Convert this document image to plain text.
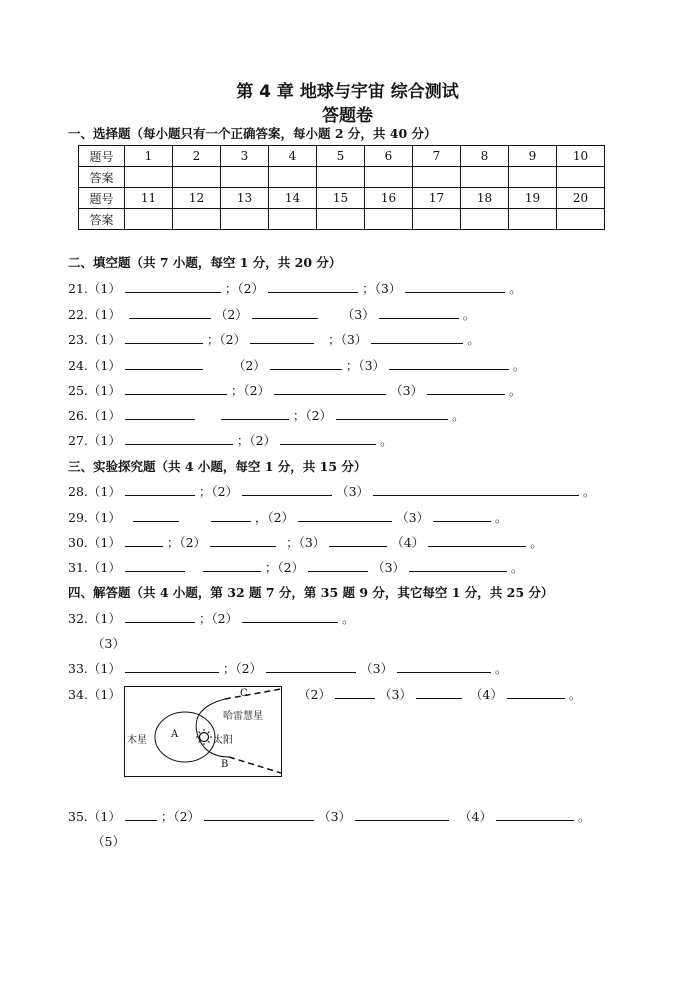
第 4 章 地球与宇宙 综合测试
答题卷
一、选择题（每小题只有一个正确答案，每小题 2 分，共 40 分）
题号	1	2	3	4	5	6	7	8	9	10
答案										
题号	11	12	13	14	15	16	17	18	19	20
答案										
二、填空题（共 7 小题，每空 1 分，共 20 分）
21.（1）	；（2）	；（3）	。
22.（1）	（2）	（3）	。
23.（1）	；（2）	；（3）	。
24.（1）	（2）	；（3）	。
25.（1）	；（2）	（3）	。
26.（1）	；（2）	。
27.（1）	；（2）	。
三、实验探究题（共 4 小题，每空 1 分，共 15 分）
28.（1）	；（2）	（3）	。
29.（1）	，（2）	（3）	。
30.（1）	；（2）	；（3）	（4）	。
31.（1）	；（2）	（3）	。
四、解答题（共 4 小题，第 32 题 7 分，第 35 题 9 分，其它每空 1 分，共 25 分）
32.（1）	；（2）	。
（3）
33.（1）	；（2）	（3）	。
34.（1）
木星
A
太阳
哈雷慧星
C
B
（2）	（3）	（4）	。
35.（1）	；（2）	（3）	（4）	。
（5）
